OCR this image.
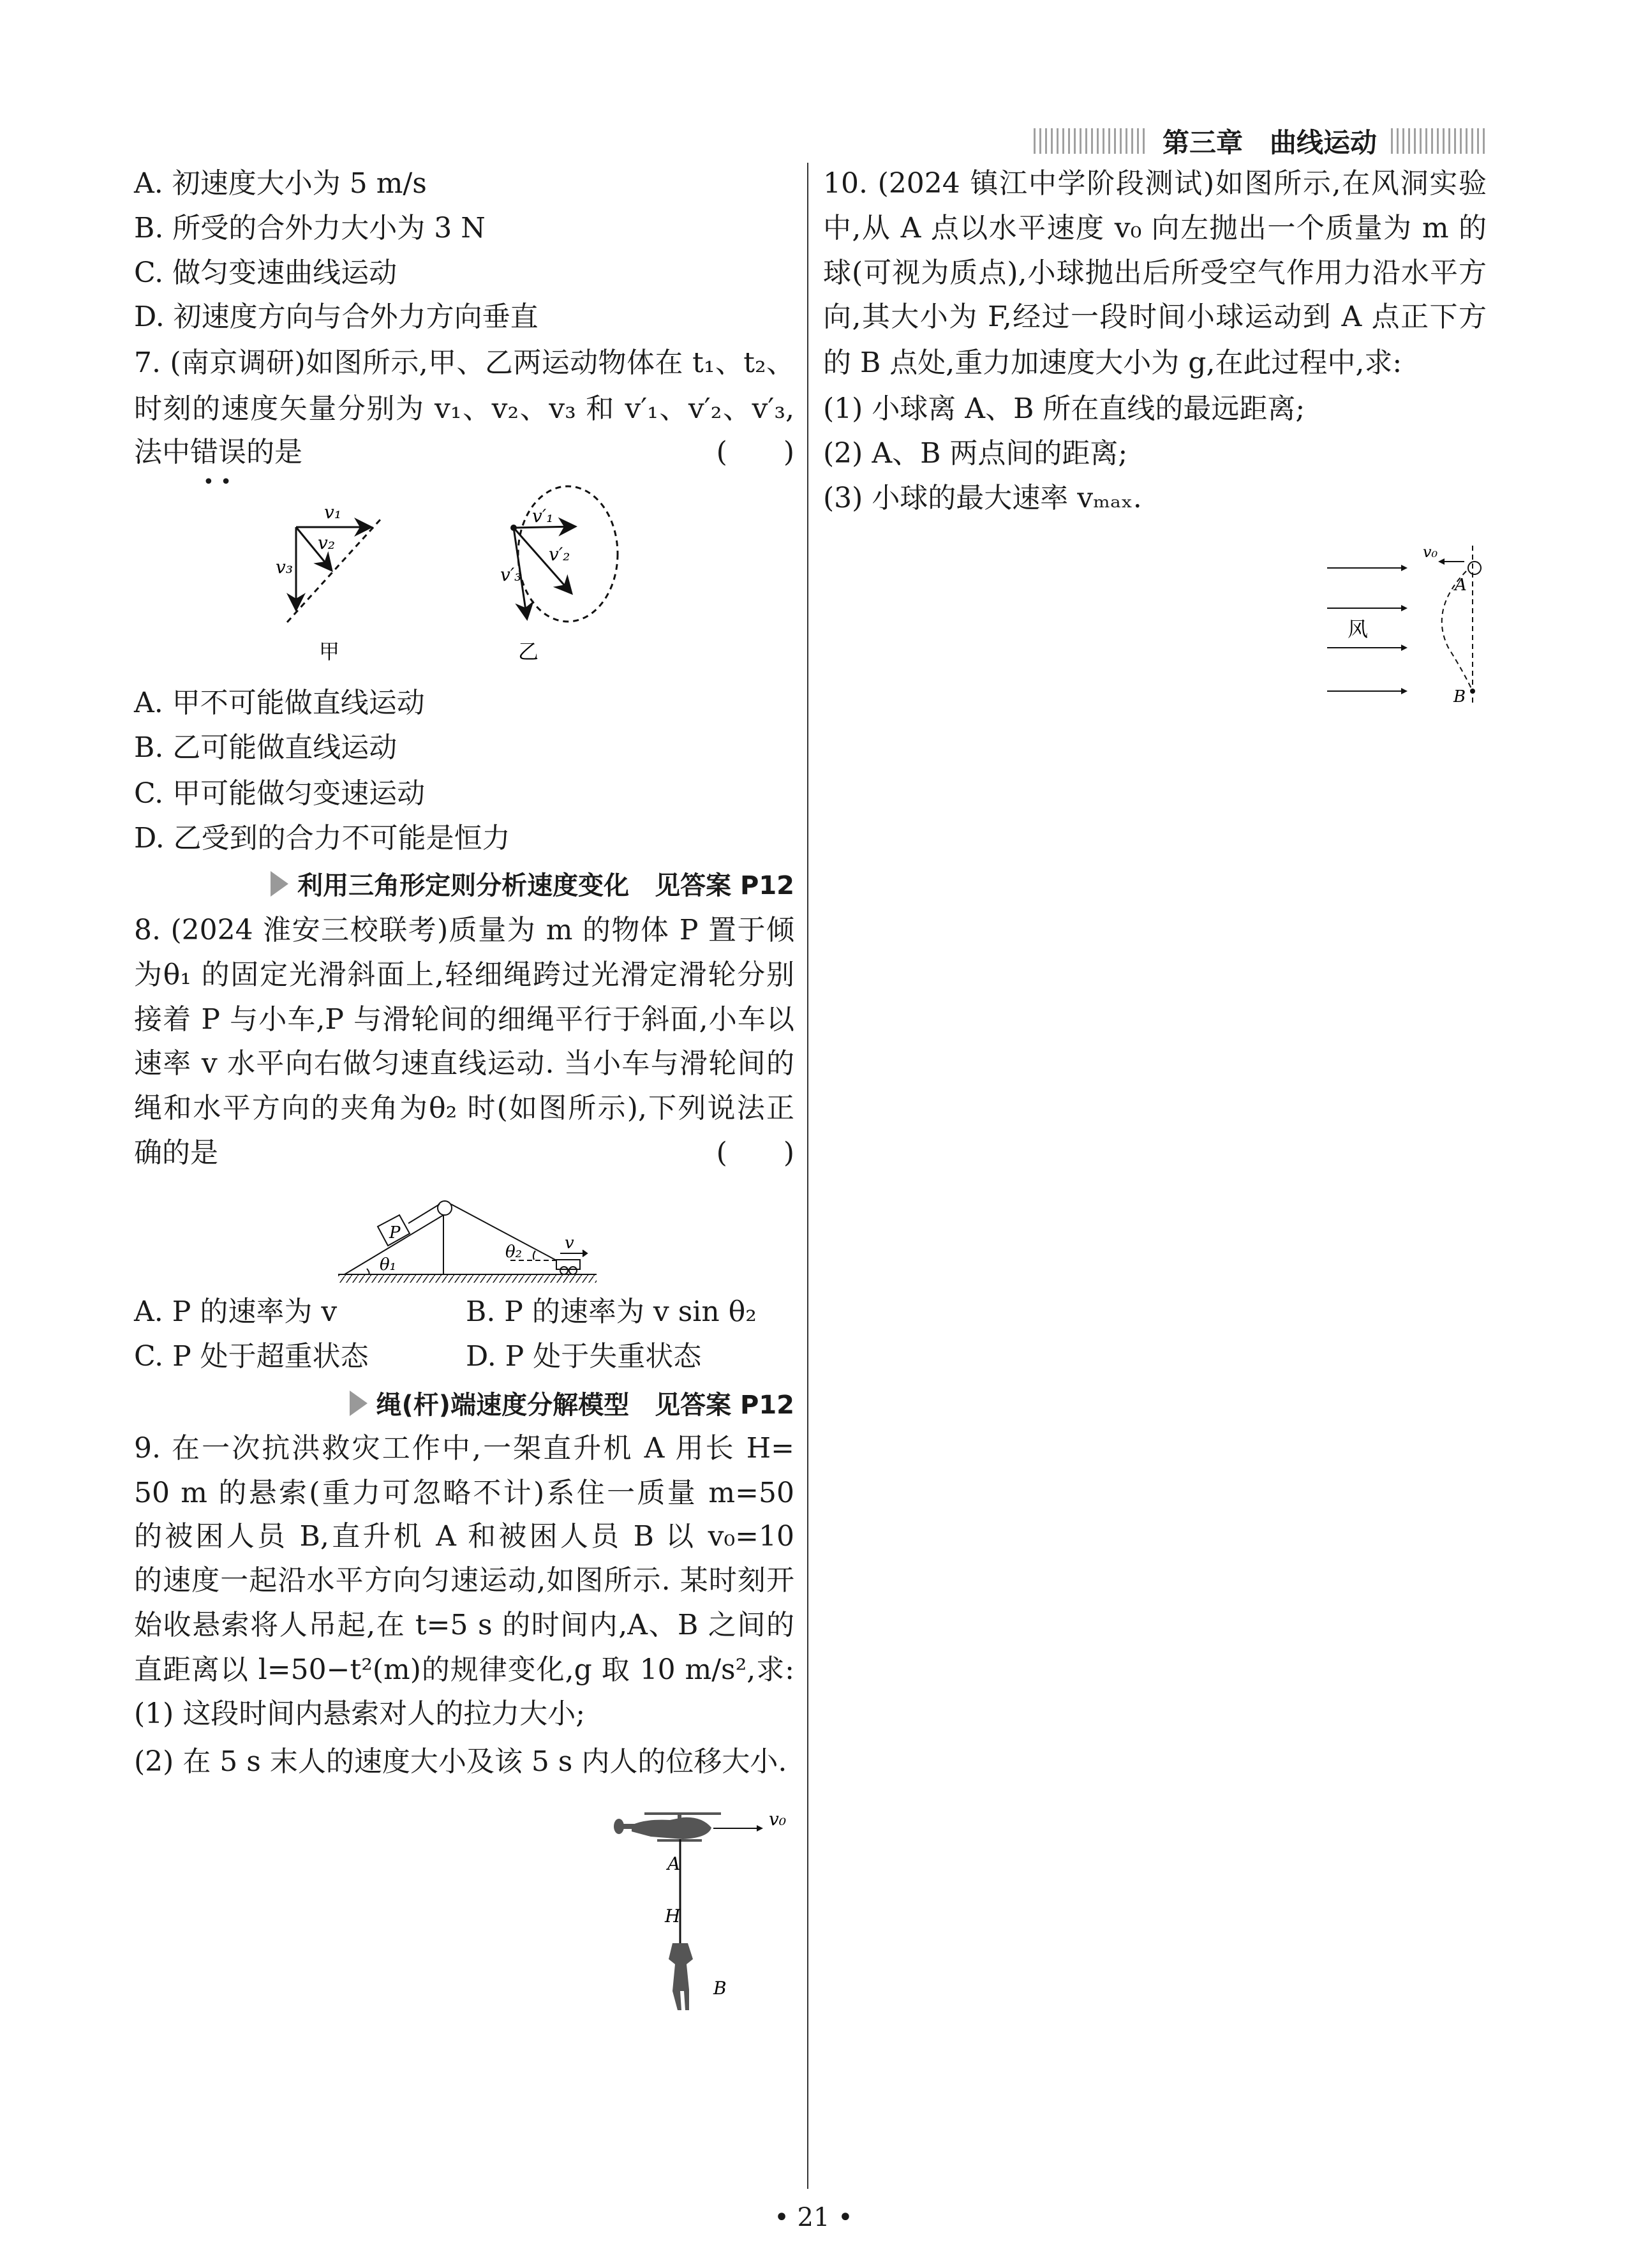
第三章　曲线运动
A. 初速度大小为 5 m/s
B. 所受的合外力大小为 3 N
C. 做匀变速曲线运动
D. 初速度方向与合外力方向垂直
7. (南京调研)如图所示,甲、乙两运动物体在 t₁、t₂、
时刻的速度矢量分别为 v₁、v₂、v₃ 和 v′₁、v′₂、v′₃,
法中错误的是	(　　)
• •
v₁
v₂
v₃
v′₁
v′₂
v′₃
甲	乙
A. 甲不可能做直线运动
B. 乙可能做直线运动
C. 甲可能做匀变速运动
D. 乙受到的合力不可能是恒力
利用三角形定则分析速度变化　见答案 P12
8. (2024 淮安三校联考)质量为 m 的物体 P 置于倾
为θ₁ 的固定光滑斜面上,轻细绳跨过光滑定滑轮分别
接着 P 与小车,P 与滑轮间的细绳平行于斜面,小车以
速率 v 水平向右做匀速直线运动. 当小车与滑轮间的
绳和水平方向的夹角为θ₂ 时(如图所示),下列说法正
确的是	(　　)
P
θ₁
θ₂	v
A. P 的速率为 v	B. P 的速率为 v sin θ₂
C. P 处于超重状态	D. P 处于失重状态
绳(杆)端速度分解模型　见答案 P12
9. 在一次抗洪救灾工作中,一架直升机 A 用长 H=
50 m 的悬索(重力可忽略不计)系住一质量 m=50
的被困人员 B,直升机 A 和被困人员 B 以 v₀=10
的速度一起沿水平方向匀速运动,如图所示. 某时刻开
始收悬索将人吊起,在 t=5 s 的时间内,A、B 之间的
直距离以 l=50−t²(m)的规律变化,g 取 10 m/s²,求:
(1) 这段时间内悬索对人的拉力大小;
(2) 在 5 s 末人的速度大小及该 5 s 内人的位移大小.
v₀
A
H
B
10. (2024 镇江中学阶段测试)如图所示,在风洞实验
中,从 A 点以水平速度 v₀ 向左抛出一个质量为 m 的
球(可视为质点),小球抛出后所受空气作用力沿水平方
向,其大小为 F,经过一段时间小球运动到 A 点正下方
的 B 点处,重力加速度大小为 g,在此过程中,求:
(1) 小球离 A、B 所在直线的最远距离;
(2) A、B 两点间的距离;
(3) 小球的最大速率 vₘₐₓ.
v₀
A
B
风
• 21 •
